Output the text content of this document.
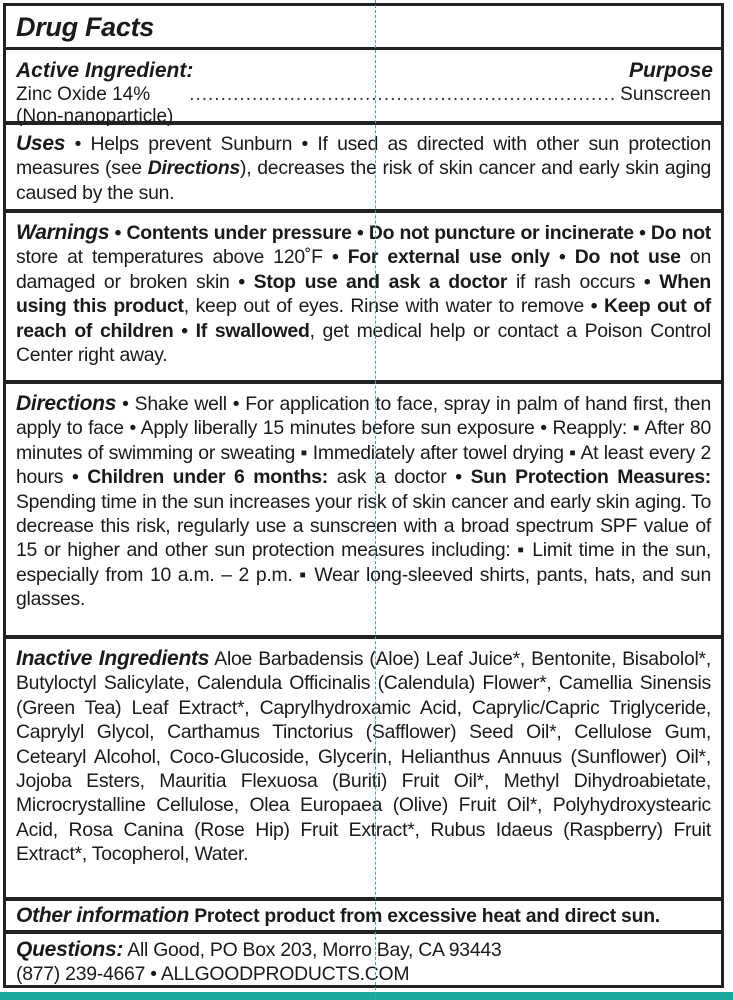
Drug Facts
Active Ingredient:	Purpose
Zinc Oxide 14% (Non-nanoparticle)
.................................................................... Sunscreen
Uses • Helps prevent Sunburn • If used as directed with other sun protection measures (see Directions), decreases the risk of skin cancer and early skin aging caused by the sun.
Warnings • Contents under pressure • Do not puncture or incinerate • Do not store at temperatures above 120˚F • For external use only • Do not use on damaged or broken skin • Stop use and ask a doctor if rash occurs • When using this product, keep out of eyes. Rinse with water to remove • Keep out of reach of children • If swallowed, get medical help or contact a Poison Control Center right away.
Directions • Shake well • For application to face, spray in palm of hand first, then apply to face • Apply liberally 15 minutes before sun exposure • Reapply: ▪ After 80 minutes of swimming or sweating ▪ Immediately after towel drying ▪ At least every 2 hours • Children under 6 months: ask a doctor • Sun Protection Measures: Spending time in the sun increases your risk of skin cancer and early skin aging. To decrease this risk, regularly use a sunscreen with a broad spectrum SPF value of 15 or higher and other sun protection measures including: ▪ Limit time in the sun, especially from 10 a.m. – 2 p.m. ▪ Wear long-sleeved shirts, pants, hats, and sun glasses.
Inactive Ingredients Aloe Barbadensis (Aloe) Leaf Juice*, Bentonite, Bisabolol*, Butyloctyl Salicylate, Calendula Officinalis (Calendula) Flower*, Camellia Sinensis (Green Tea) Leaf Extract*, Caprylhydroxamic Acid, Caprylic/Capric Triglyceride, Caprylyl Glycol, Carthamus Tinctorius (Safflower) Seed Oil*, Cellulose Gum, Cetearyl Alcohol, Coco-Glucoside, Glycerin, Helianthus Annuus (Sunflower) Oil*, Jojoba Esters, Mauritia Flexuosa (Buriti) Fruit Oil*, Methyl Dihydroabietate, Microcrystalline Cellulose, Olea Europaea (Olive) Fruit Oil*, Polyhydroxystearic Acid, Rosa Canina (Rose Hip) Fruit Extract*, Rubus Idaeus (Raspberry) Fruit Extract*, Tocopherol, Water.
Other information Protect product from excessive heat and direct sun.
Questions: All Good, PO Box 203, Morro Bay, CA 93443
(877) 239-4667 • ALLGOODPRODUCTS.COM
